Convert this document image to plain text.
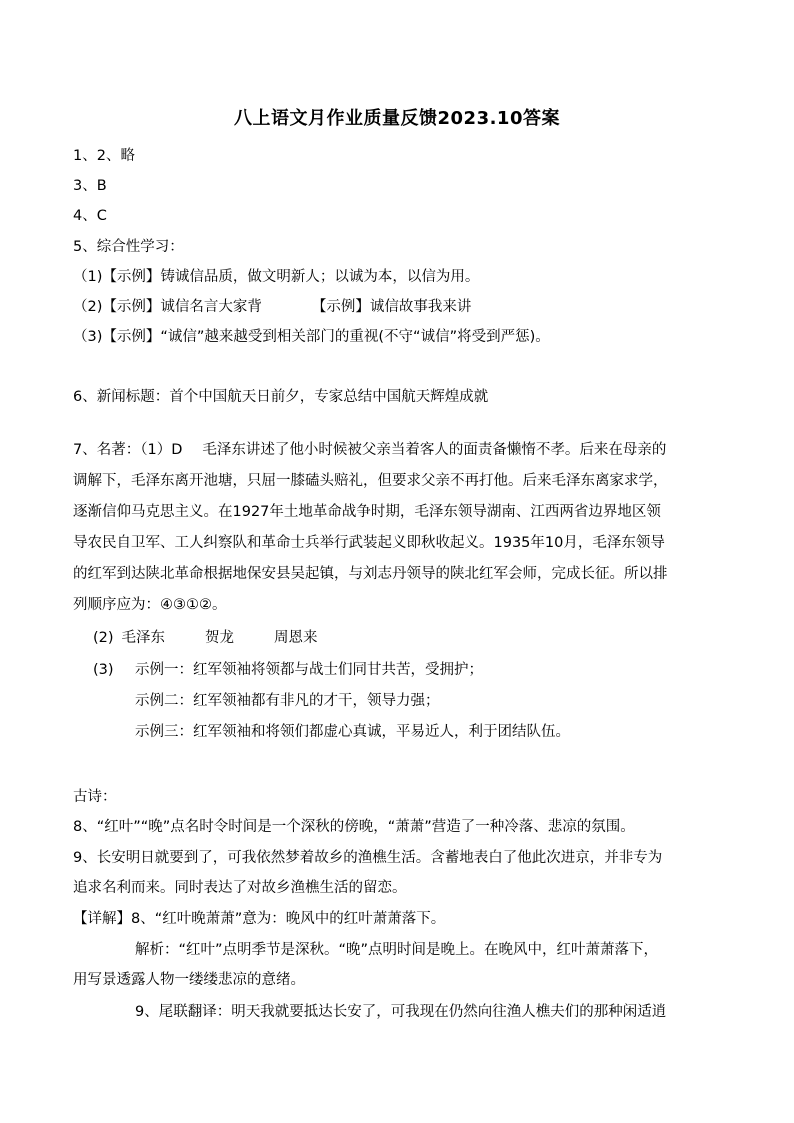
八上语文月作业质量反馈2023.10答案
1、2、略
3、B
4、C
5、综合性学习：
（1)【示例】铸诚信品质，做文明新人；以诚为本，以信为用。
（2)【示例】诚信名言大家背	【示例】诚信故事我来讲
（3)【示例】“诚信”越来越受到相关部门的重视(不守“诚信”将受到严惩)。
6、新闻标题：首个中国航天日前夕，专家总结中国航天辉煌成就
7、名著：（1）D 毛泽东讲述了他小时候被父亲当着客人的面责备懒惰不孝。后来在母亲的
调解下，毛泽东离开池塘，只屈一膝磕头赔礼，但要求父亲不再打他。后来毛泽东离家求学，
逐渐信仰马克思主义。在1927年土地革命战争时期，毛泽东领导湖南、江西两省边界地区领
导农民自卫军、工人纠察队和革命士兵举行武装起义即秋收起义。1935年10月，毛泽东领导
的红军到达陕北革命根据地保安县吴起镇，与刘志丹领导的陕北红军会师，完成长征。所以排
列顺序应为：④③①②。
(2) 毛泽东	贺龙	周恩来
(3) 示例一：红军领袖将领都与战士们同甘共苦，受拥护；
示例二：红军领袖都有非凡的才干，领导力强；
示例三：红军领袖和将领们都虚心真诚，平易近人，利于团结队伍。
古诗：
8、“红叶”“晚”点名时令时间是一个深秋的傍晚，“萧萧”营造了一种冷落、悲凉的氛围。
9、长安明日就要到了，可我依然梦着故乡的渔樵生活。含蓄地表白了他此次进京，并非专为
追求名利而来。同时表达了对故乡渔樵生活的留恋。
【详解】8、“红叶晚萧萧”意为：晚风中的红叶萧萧落下。
解析：“红叶”点明季节是深秋。“晚”点明时间是晚上。在晚风中，红叶萧萧落下，
用写景透露人物一缕缕悲凉的意绪。
9、尾联翻译：明天我就要抵达长安了，可我现在仍然向往渔人樵夫们的那种闲适逍
